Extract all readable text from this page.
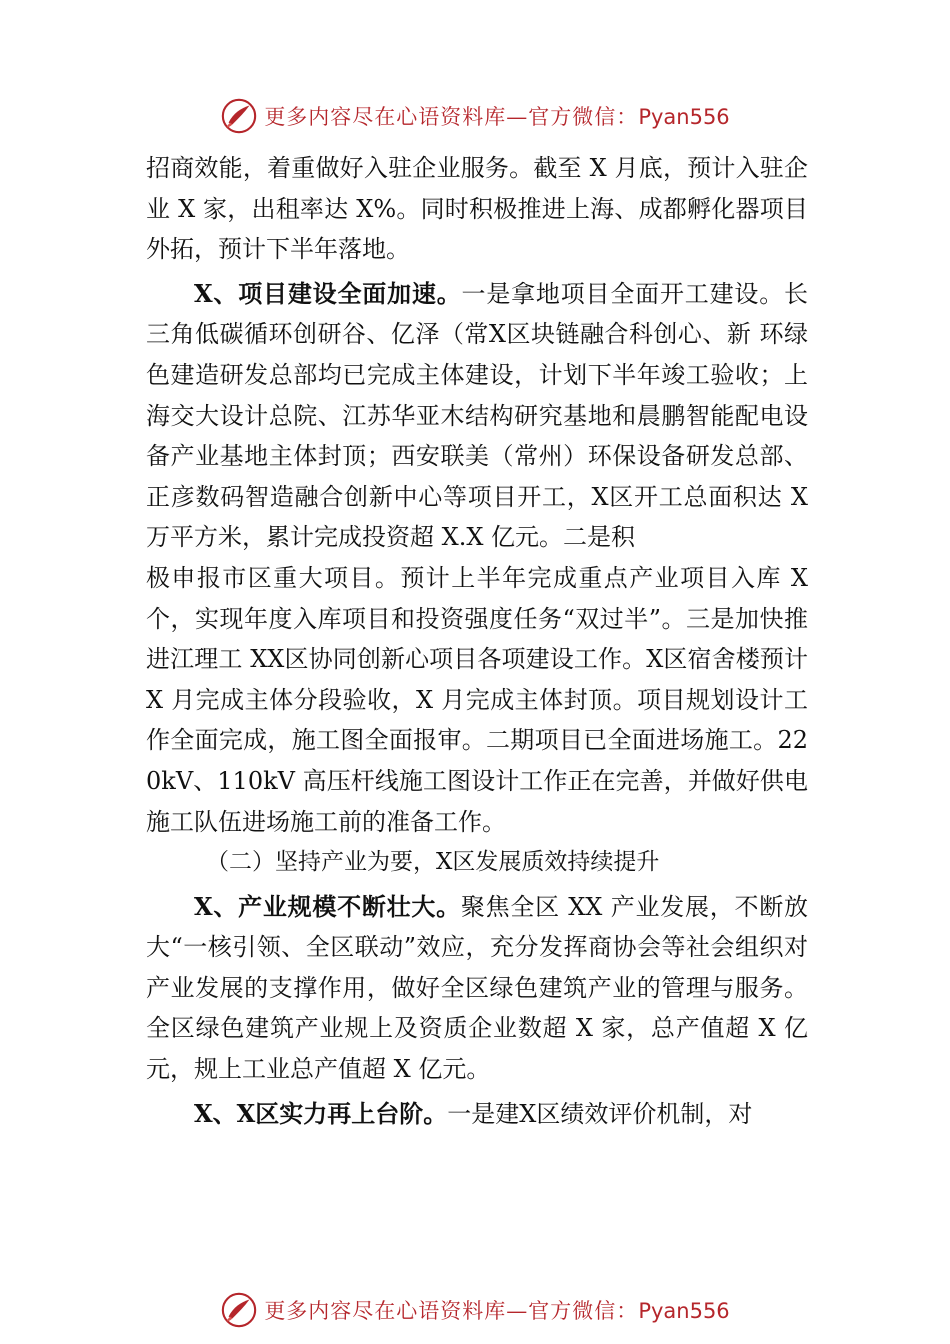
更多内容尽在心语资料库—官方微信：Pyan556

招商效能，着重做好入驻企业服务。截至 X 月底，预计入驻企业 X 家，出租率达 X%。同时积极推进上海、成都孵化器项目外拓，预计下半年落地。

X、项目建设全面加速。一是拿地项目全面开工建设。长三角低碳循环创研谷、亿泽（常X区块链融合科创心、新 环绿色建造研发总部均已完成主体建设，计划下半年竣工验收；上海交大设计总院、江苏华亚木结构研究基地和晨鹏智能配电设备产业基地主体封顶；西安联美（常州）环保设备研发总部、正彦数码智造融合创新中心等项目开工，X区开工总面积达 X 万平方米，累计完成投资超 X.X 亿元。二是积

极申报市区重大项目。预计上半年完成重点产业项目入库 X 个，实现年度入库项目和投资强度任务“双过半”。三是加快推进江理工 XX区协同创新心项目各项建设工作。X区宿舍楼预计 X 月完成主体分段验收，X 月完成主体封顶。项目规划设计工作全面完成，施工图全面报审。二期项目已全面进场施工。220kV、110kV 高压杆线施工图设计工作正在完善，并做好供电施工队伍进场施工前的准备工作。

（二）坚持产业为要，X区发展质效持续提升

X、产业规模不断壮大。聚焦全区 XX 产业发展，不断放大“一核引领、全区联动”效应，充分发挥商协会等社会组织对产业发展的支撑作用，做好全区绿色建筑产业的管理与服务。全区绿色建筑产业规上及资质企业数超 X 家，总产值超 X 亿元，规上工业总产值超 X 亿元。

X、X区实力再上台阶。一是建X区绩效评价机制，对

更多内容尽在心语资料库—官方微信：Pyan556
